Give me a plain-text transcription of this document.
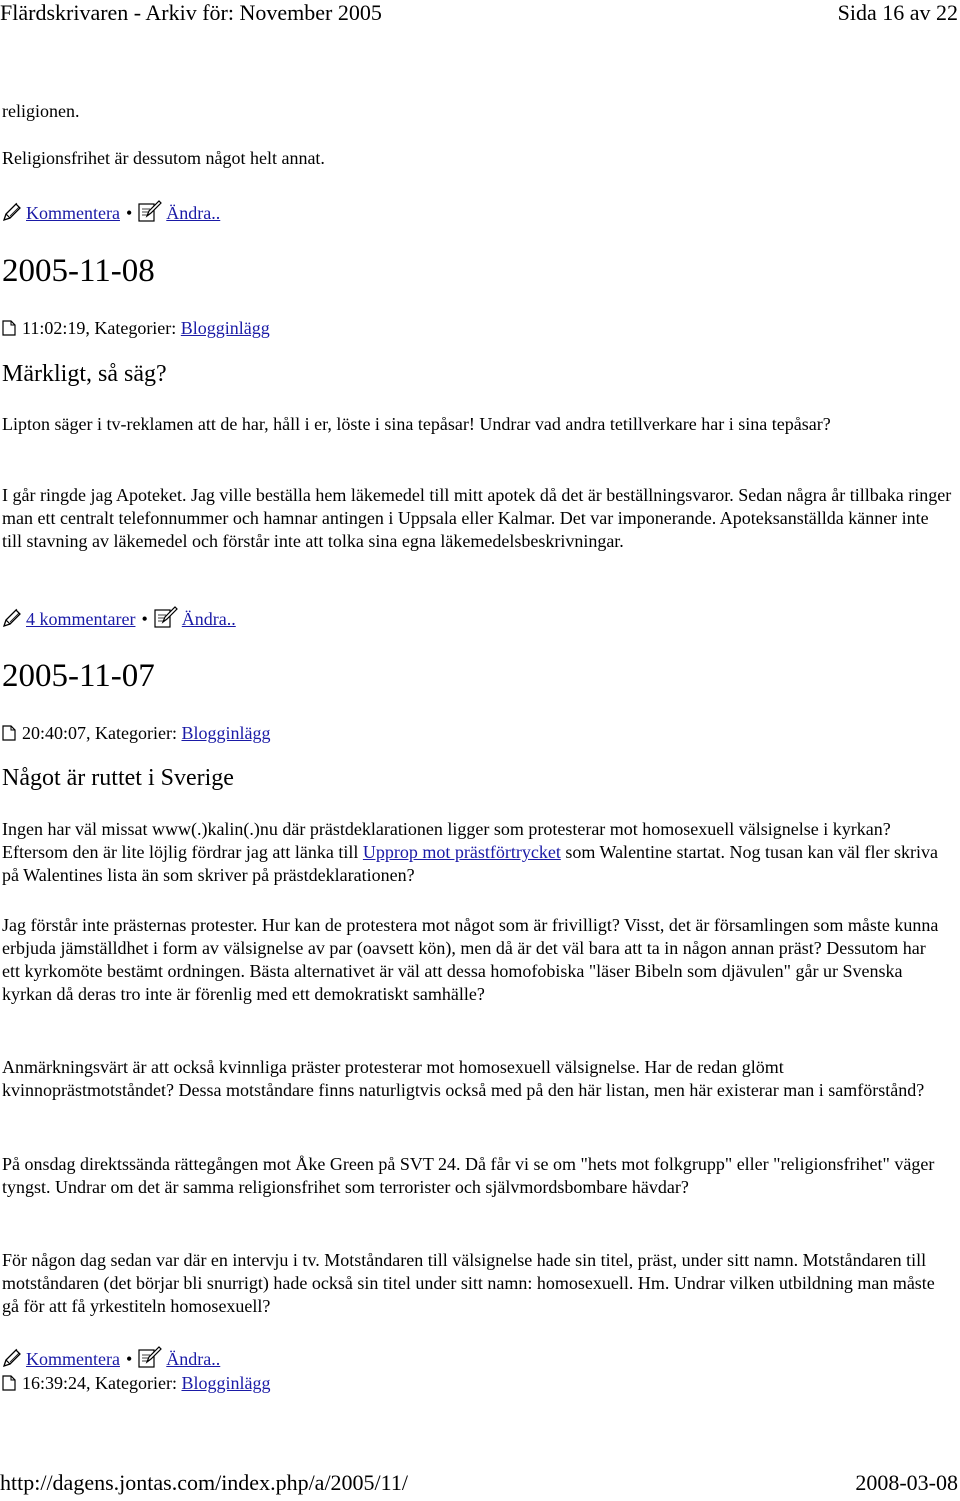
Flärdskrivaren - Arkiv för: November 2005	Sida 16 av 22

religionen.

Religionsfrihet är dessutom något helt annat.

Kommentera • Ändra..
2005-11-08
11:02:19, Kategorier: Blogginlägg
Märkligt, så säg?

Lipton säger i tv-reklamen att de har, håll i er, löste i sina tepåsar! Undrar vad andra tetillverkare har i sina tepåsar?

I går ringde jag Apoteket. Jag ville beställa hem läkemedel till mitt apotek då det är beställningsvaror. Sedan några år tillbaka ringer man ett centralt telefonnummer och hamnar antingen i Uppsala eller Kalmar. Det var imponerande. Apoteksanställda känner inte till stavning av läkemedel och förstår inte att tolka sina egna läkemedelsbeskrivningar.

4 kommentarer • Ändra..
2005-11-07
20:40:07, Kategorier: Blogginlägg
Något är ruttet i Sverige

Ingen har väl missat www(.)kalin(.)nu där prästdeklarationen ligger som protesterar mot homosexuell välsignelse i kyrkan? Eftersom den är lite löjlig fördrar jag att länka till Upprop mot prästförtrycket som Walentine startat. Nog tusan kan väl fler skriva på Walentines lista än som skriver på prästdeklarationen?

Jag förstår inte prästernas protester. Hur kan de protestera mot något som är frivilligt? Visst, det är församlingen som måste kunna erbjuda jämställdhet i form av välsignelse av par (oavsett kön), men då är det väl bara att ta in någon annan präst? Dessutom har ett kyrkomöte bestämt ordningen. Bästa alternativet är väl att dessa homofobiska "läser Bibeln som djävulen" går ur Svenska kyrkan då deras tro inte är förenlig med ett demokratiskt samhälle?

Anmärkningsvärt är att också kvinnliga präster protesterar mot homosexuell välsignelse. Har de redan glömt kvinnoprästmotståndet? Dessa motståndare finns naturligtvis också med på den här listan, men här existerar man i samförstånd?

På onsdag direktssända rättegången mot Åke Green på SVT 24. Då får vi se om "hets mot folkgrupp" eller "religionsfrihet" väger tyngst. Undrar om det är samma religionsfrihet som terrorister och självmordsbombare hävdar?

För någon dag sedan var där en intervju i tv. Motståndaren till välsignelse hade sin titel, präst, under sitt namn. Motståndaren till motståndaren (det börjar bli snurrigt) hade också sin titel under sitt namn: homosexuell. Hm. Undrar vilken utbildning man måste gå för att få yrkestiteln homosexuell?

Kommentera • Ändra..
16:39:24, Kategorier: Blogginlägg
http://dagens.jontas.com/index.php/a/2005/11/	2008-03-08
